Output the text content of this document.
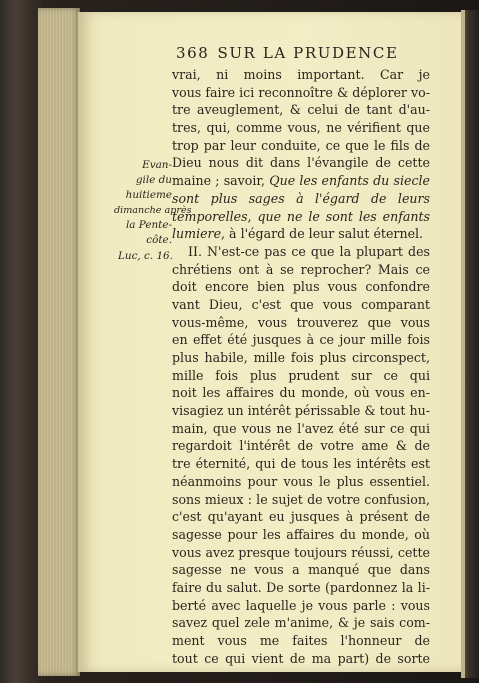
368 SUR LA PRUDENCE
Evan-
gile du
huitieme
dimanche après
la Pente-
côte.
Luc, c. 16.
vrai, ni moins important. Car je
vous faire ici reconnoître & déplorer vo-
tre aveuglement, & celui de tant d'au-
tres, qui, comme vous, ne vérifient que
trop par leur conduite, ce que le fils de
Dieu nous dit dans l'évangile de cette
maine ; savoir, Que les enfants du siecle
sont plus sages à l'égard de leurs
temporelles, que ne le sont les enfants
lumiere, à l'égard de leur salut éternel.
II. N'est-ce pas ce que la plupart des
chrétiens ont à se reprocher? Mais ce
doit encore bien plus vous confondre
vant Dieu, c'est que vous comparant
vous-même, vous trouverez que vous
en effet été jusques à ce jour mille fois
plus habile, mille fois plus circonspect,
mille fois plus prudent sur ce qui
noit les affaires du monde, où vous en-
visagiez un intérêt périssable & tout hu-
main, que vous ne l'avez été sur ce qui
regardoit l'intérêt de votre ame & de
tre éternité, qui de tous les intérêts est
néanmoins pour vous le plus essentiel.
sons mieux : le sujet de votre confusion,
c'est qu'ayant eu jusques à présent de
sagesse pour les affaires du monde, où
vous avez presque toujours réussi, cette
sagesse ne vous a manqué que dans
faire du salut. De sorte (pardonnez la li-
berté avec laquelle je vous parle : vous
savez quel zele m'anime, & je sais com-
ment vous me faites l'honneur de
tout ce qui vient de ma part) de sorte
